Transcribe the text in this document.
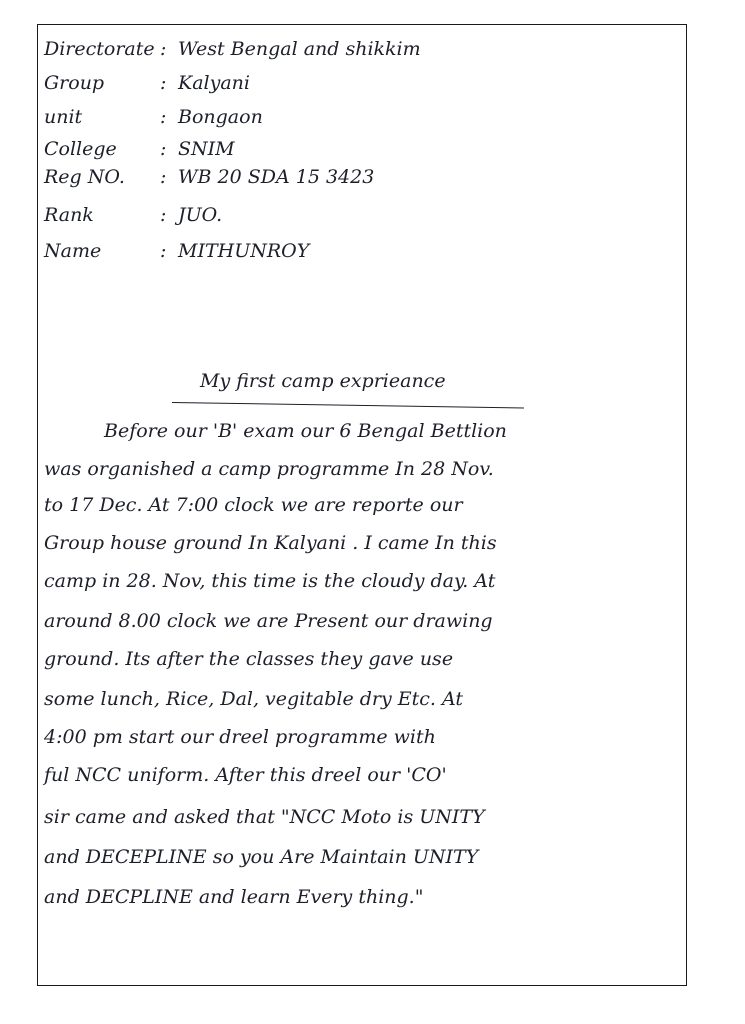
Directorate : West Bengal and shikkim
Group	: Kalyani
unit	: Bongaon
College : SNIM
Reg NO. : WB 20 SDA 15 3423
Rank	: JUO.
Name	: MITHUNROY
My first camp exprieance
Before our 'B' exam our 6 Bengal Bettlion
was organished a camp programme In 28 Nov.
to 17 Dec. At 7:00 clock we are reporte our
Group house ground In Kalyani . I came In this
camp in 28. Nov, this time is the cloudy day. At
around 8.00 clock we are Present our drawing
ground. Its after the classes they gave use
some lunch, Rice, Dal, vegitable dry Etc. At
4:00 pm start our dreel programme with
ful NCC uniform. After this dreel our 'CO'
sir came and asked that "NCC Moto is UNITY
and DECEPLINE so you Are Maintain UNITY
and DECPLINE and learn Every thing."
